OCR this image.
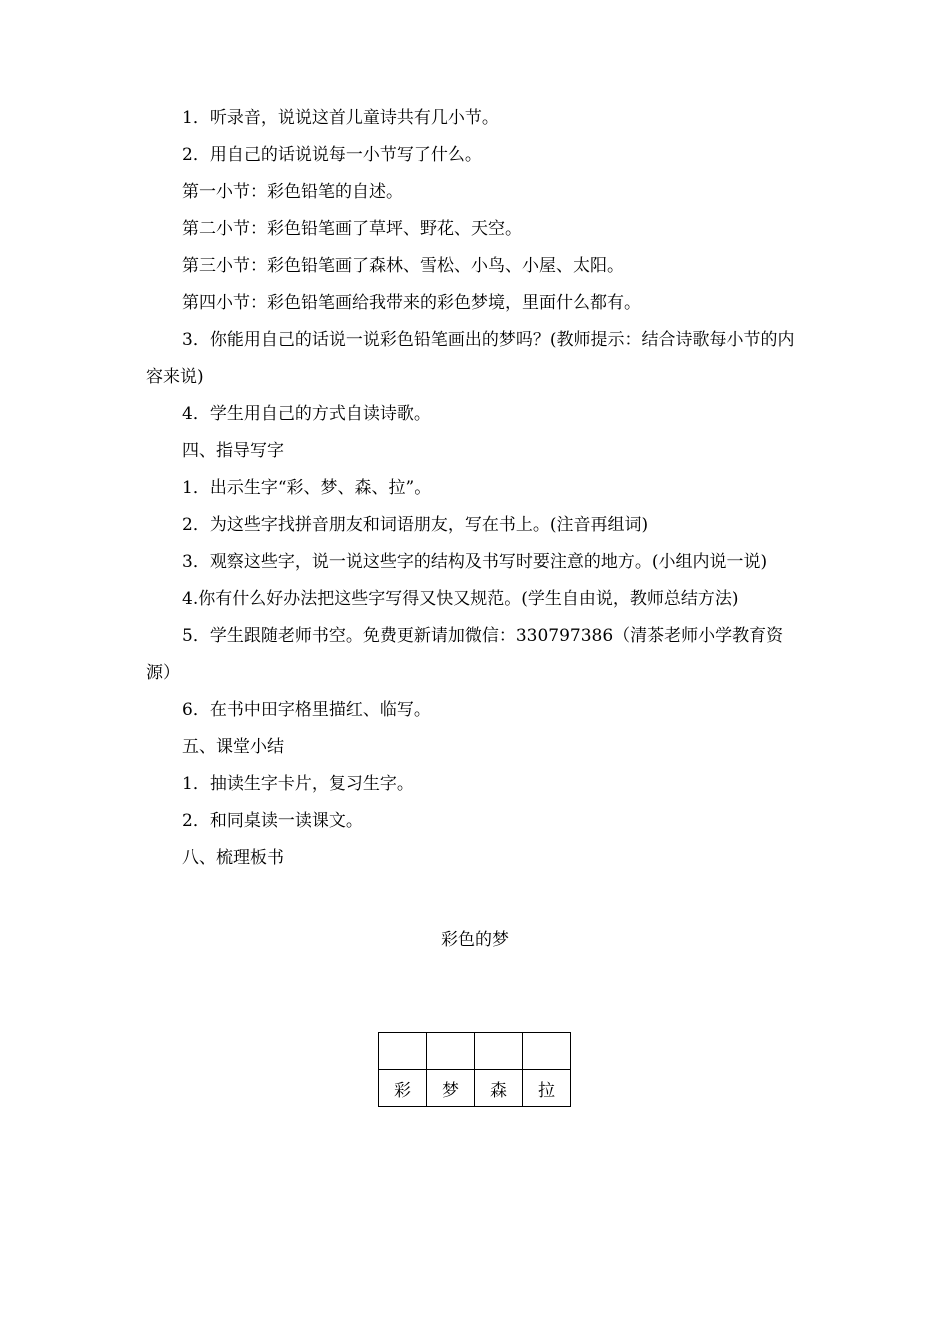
1．听录音，说说这首儿童诗共有几小节。

2．用自己的话说说每一小节写了什么。

第一小节：彩色铅笔的自述。

第二小节：彩色铅笔画了草坪、野花、天空。

第三小节：彩色铅笔画了森林、雪松、小鸟、小屋、太阳。

第四小节：彩色铅笔画给我带来的彩色梦境，里面什么都有。

3．你能用自己的话说一说彩色铅笔画出的梦吗？(教师提示：结合诗歌每小节的内容来说)

4．学生用自己的方式自读诗歌。

四、指导写字

1．出示生字“彩、梦、森、拉”。

2．为这些字找拼音朋友和词语朋友，写在书上。(注音再组词)

3．观察这些字，说一说这些字的结构及书写时要注意的地方。(小组内说一说)

4.你有什么好办法把这些字写得又快又规范。(学生自由说，教师总结方法)

5．学生跟随老师书空。免费更新请加微信：330797386（清茶老师小学教育资源）

6．在书中田字格里描红、临写。

五、课堂小结

1．抽读生字卡片，复习生字。

2．和同桌读一读课文。

八、梳理板书

彩色的梦

彩	梦	森	拉
